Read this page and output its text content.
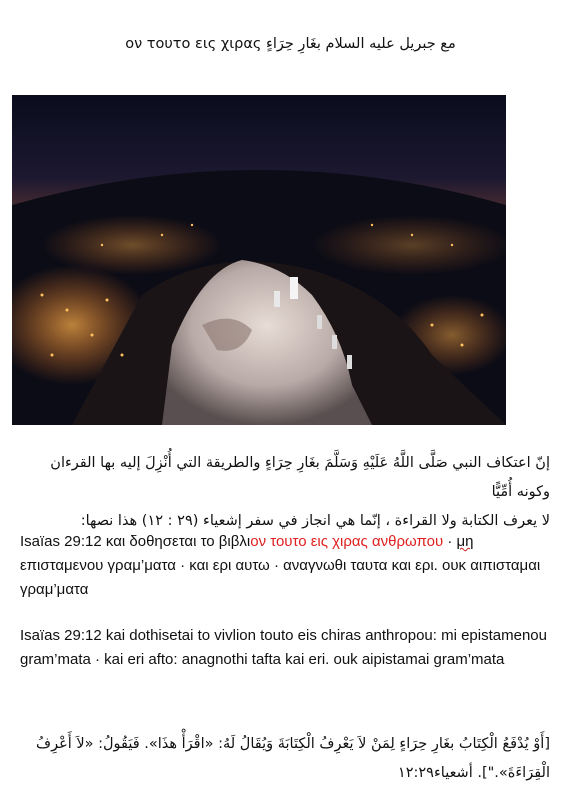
ον τουτο εις χιρας مع جبريل عليه السلام بغَارِ حِرَاءٍ
إنّ اعتكاف النبي صَلَّى اللَّهُ عَلَيْهِ وَسَلَّمَ بغَارِ حِرَاءٍ والطريقة التي أُنْزِلَ إليه بها القرءان وكونه أُمِّيًّا
لا يعرف الكتابة ولا القراءة ، إنّما هي انجاز في سفر إشعياء (٢٩ : ١٢) هذا نصها:
Isaïas 29:12 και δοθησεται το βιβλιον τουτο εις χιρας ανθρωπου · μη επισταμενου γραμ’ματα · και ερι αυτω · αναγνωθι ταυτα και ερι. ουκ αιπισταμαι γραμ’ματα
Isaïas 29:12 kai dothisetai to vivlion touto eis chiras anthropou: mi epistamenou gram’mata · kai eri afto: anagnothi tafta kai eri. ouk aipistamai gram’mata
[أَوْ يُدْفَعُ الْكِتَابُ بغَارِ حِرَاءٍ لِمَنْ لاَ يَعْرِفُ الْكِتَابَةَ وَيُقَالُ لَهُ: «اقْرَأْ هذَا». فَيَقُولُ: «لاَ أَعْرِفُ
الْقِرَاءَةَ»."]. أشعياء١٢:٢٩
